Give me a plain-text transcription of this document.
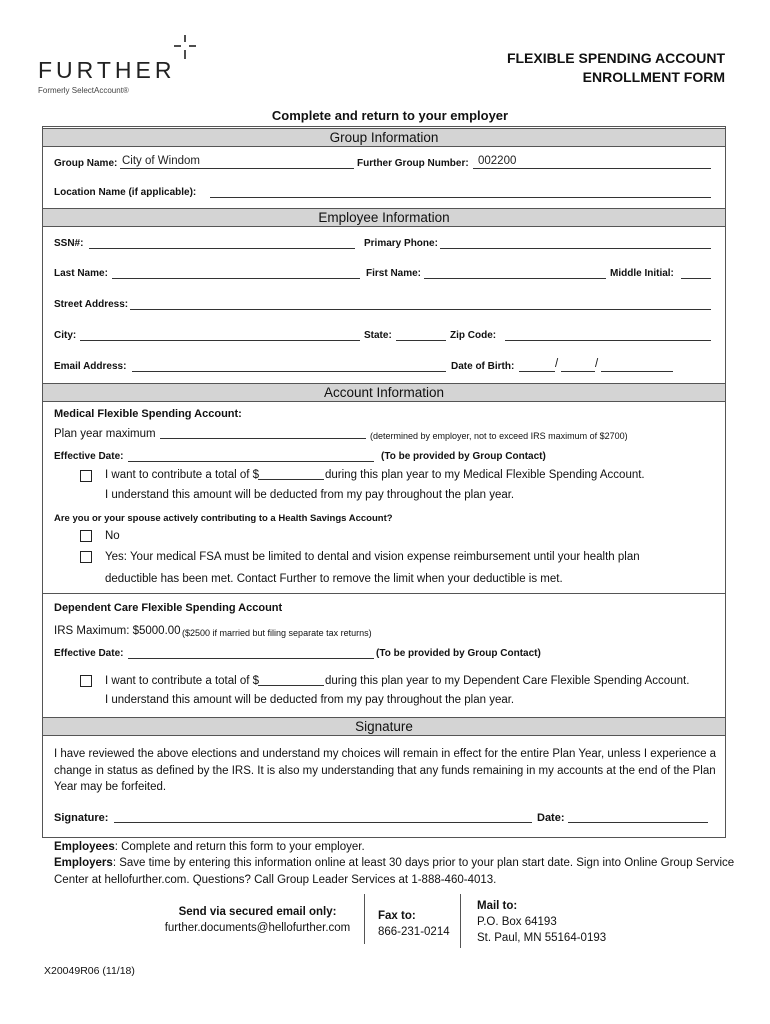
FURTHER
Formerly SelectAccount®
FLEXIBLE SPENDING ACCOUNT
ENROLLMENT FORM
Complete and return to your employer
Group Information
Group Name: City of Windom	Further Group Number: 002200
Location Name (if applicable):
Employee Information
SSN#:	Primary Phone:
Last Name:	First Name:	Middle Initial:
Street Address:
City:	State:	Zip Code:
Email Address:	Date of Birth:	/	/
Account Information
Medical Flexible Spending Account:
Plan year maximum	(determined by employer, not to exceed IRS maximum of $2700)
Effective Date:	(To be provided by Group Contact)
I want to contribute a total of $	during this plan year to my Medical Flexible Spending Account.
I understand this amount will be deducted from my pay throughout the plan year.
Are you or your spouse actively contributing to a Health Savings Account?
No
Yes: Your medical FSA must be limited to dental and vision expense reimbursement until your health plan
deductible has been met. Contact Further to remove the limit when your deductible is met.
Dependent Care Flexible Spending Account
IRS Maximum: $5000.00 ($2500 if married but filing separate tax returns)
Effective Date:	(To be provided by Group Contact)
I want to contribute a total of $	during this plan year to my Dependent Care Flexible Spending Account.
I understand this amount will be deducted from my pay throughout the plan year.
Signature
I have reviewed the above elections and understand my choices will remain in effect for the entire Plan Year, unless I experience a
change in status as defined by the IRS. It is also my understanding that any funds remaining in my accounts at the end of the Plan
Year may be forfeited.
Signature:	Date:
Employees: Complete and return this form to your employer.
Employers: Save time by entering this information online at least 30 days prior to your plan start date. Sign into Online Group Service
Center at hellofurther.com. Questions? Call Group Leader Services at 1-888-460-4013.
Send via secured email only:
further.documents@hellofurther.com
Fax to:
866-231-0214
Mail to:
P.O. Box 64193
St. Paul, MN 55164-0193
X20049R06 (11/18)
